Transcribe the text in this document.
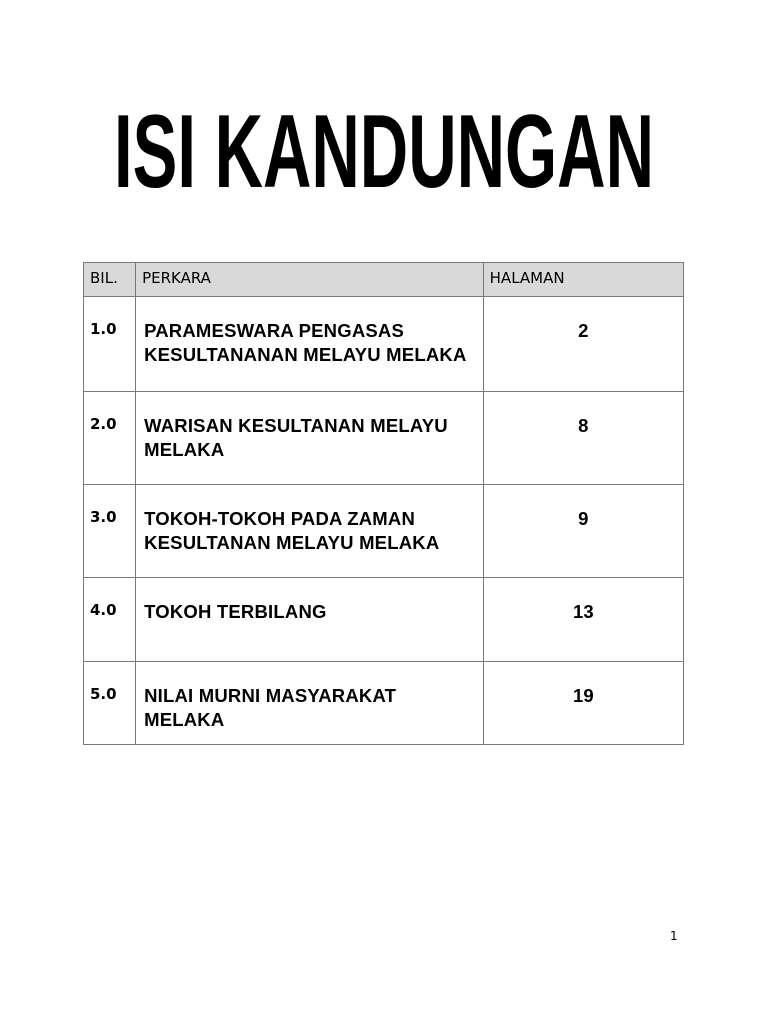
ISI KANDUNGAN
BIL.	PERKARA	HALAMAN

1.0	PARAMESWARA PENGASAS KESULTANANAN MELAYU MELAKA	2

2.0	WARISAN KESULTANAN MELAYU MELAKA	8

3.0	TOKOH-TOKOH PADA ZAMAN KESULTANAN MELAYU MELAKA	9

4.0	TOKOH TERBILANG	13

5.0	NILAI MURNI MASYARAKAT MELAKA	19
1
